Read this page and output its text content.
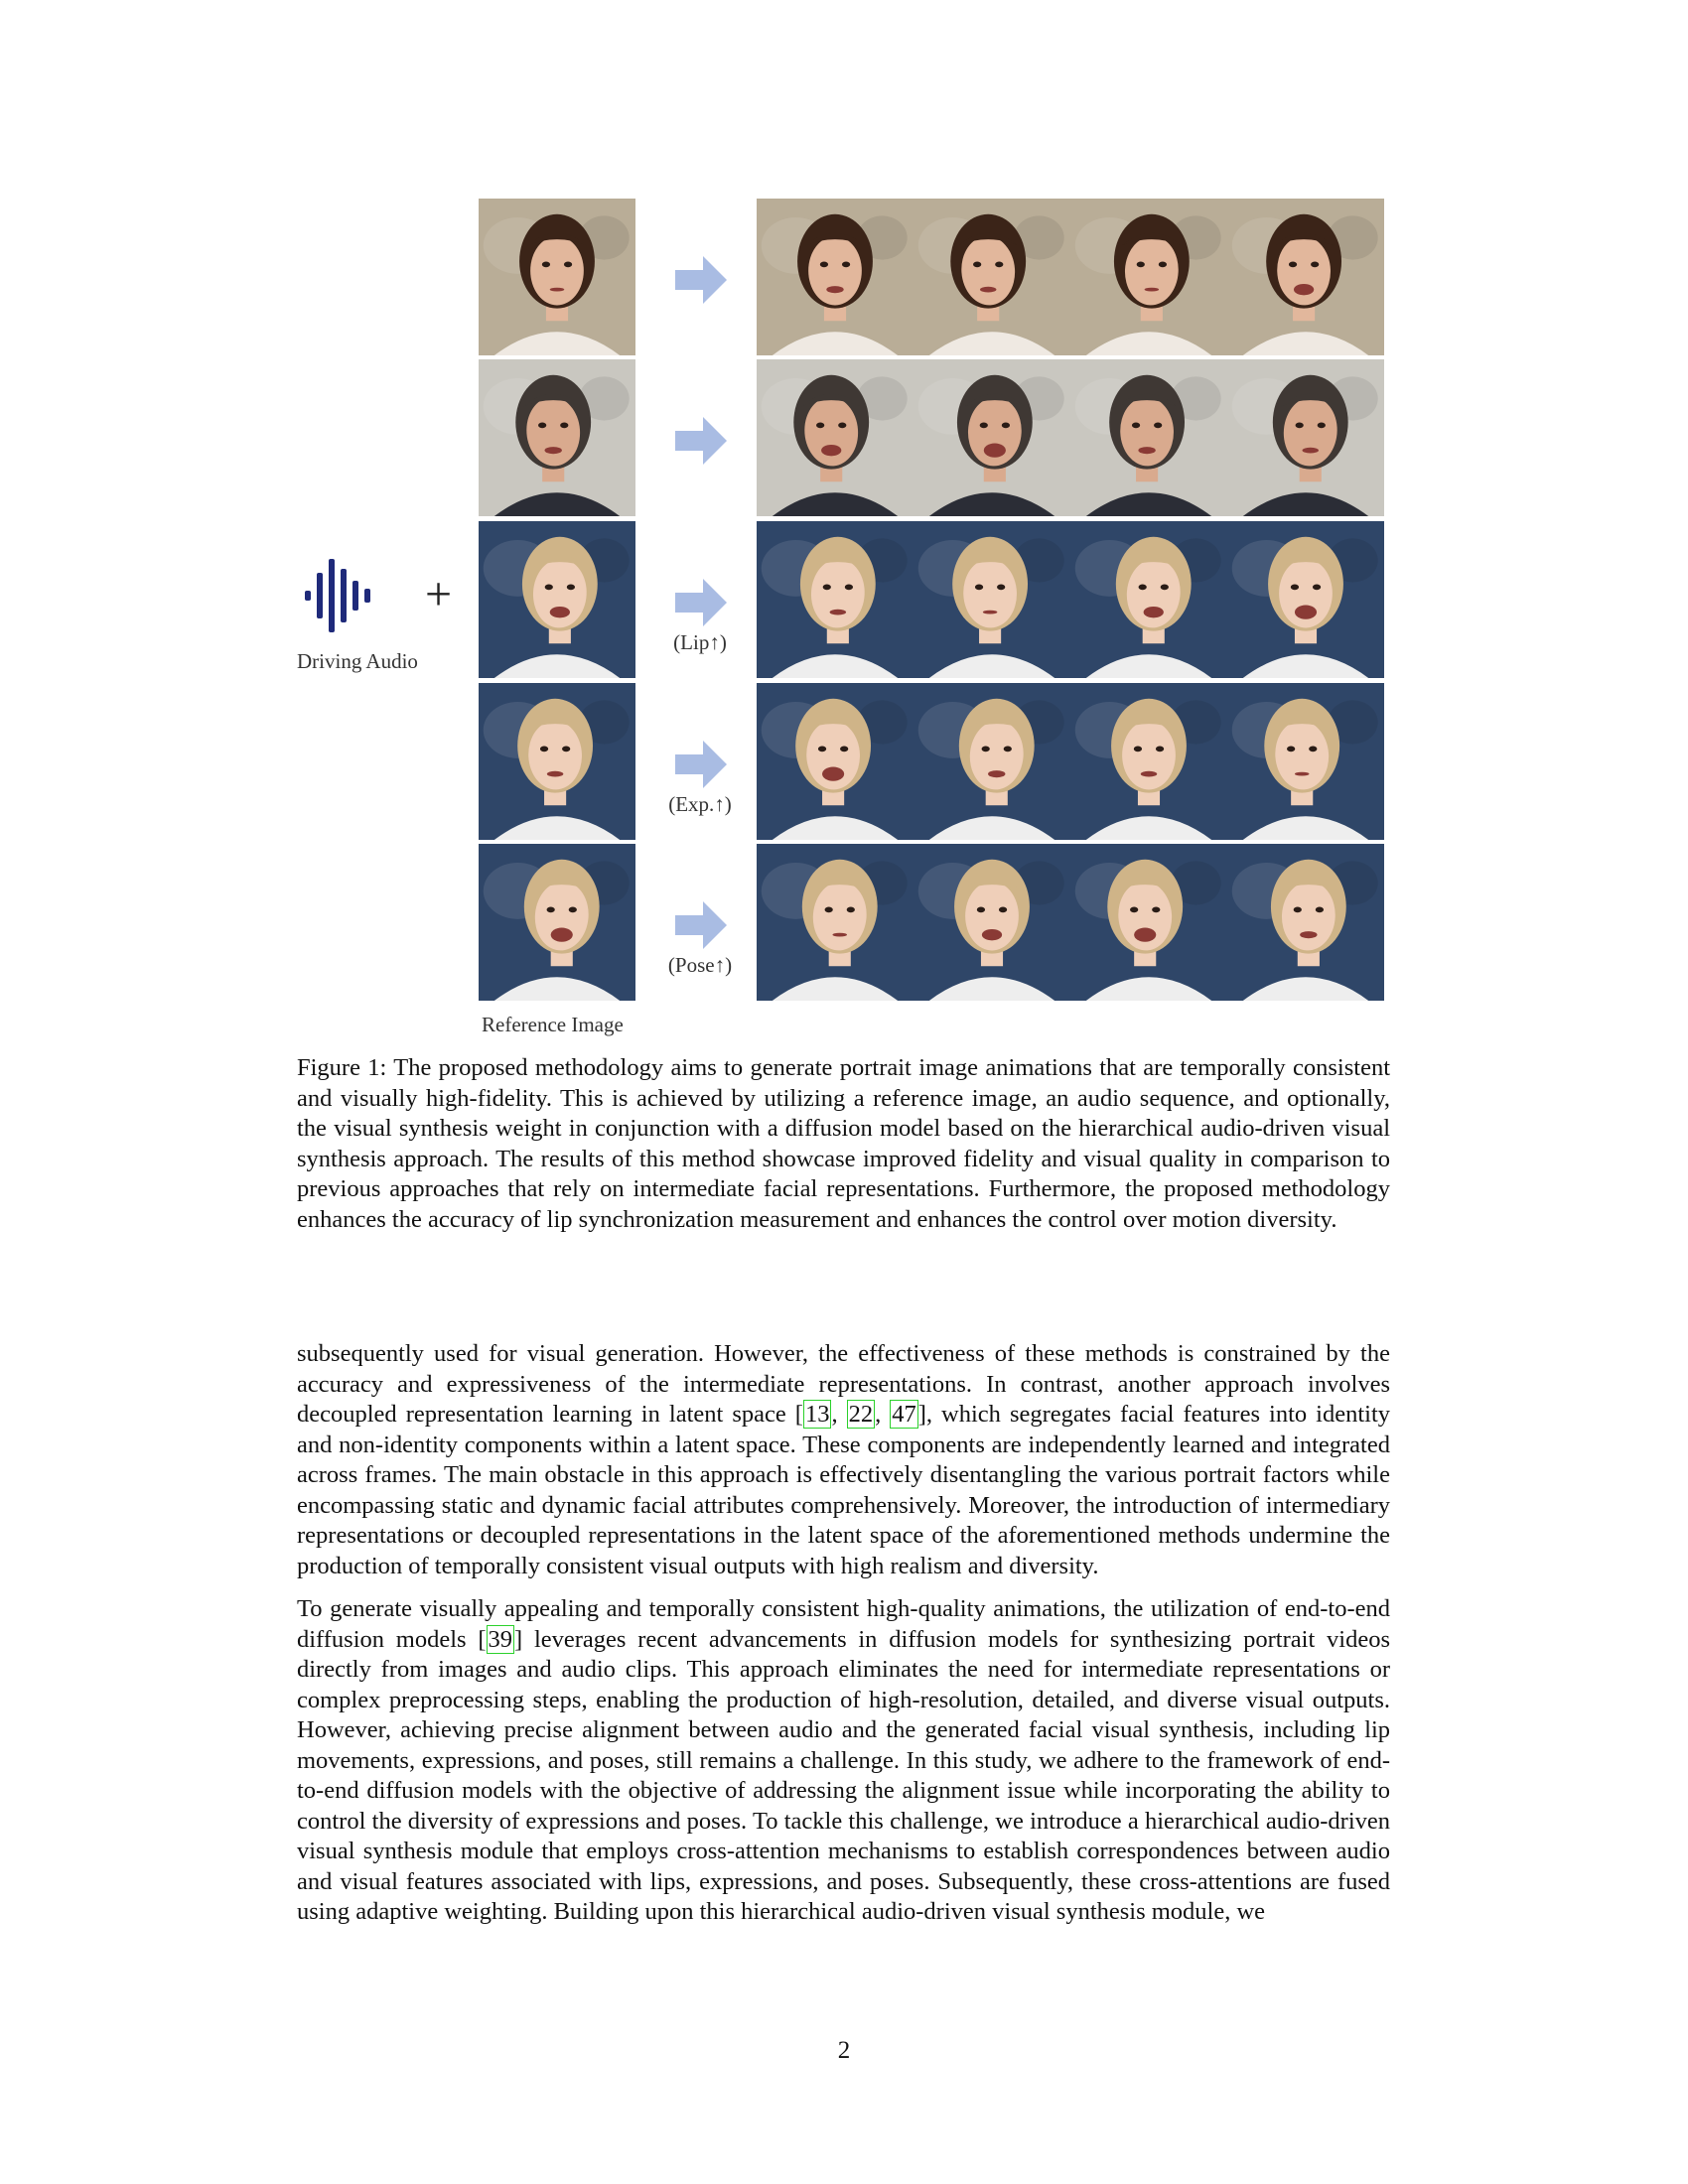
+
Driving Audio
Reference Image
(Lip↑)
(Exp.↑)
(Pose↑)

Figure 1: The proposed methodology aims to generate portrait image animations that are temporally consistent and visually high-fidelity. This is achieved by utilizing a reference image, an audio sequence, and optionally, the visual synthesis weight in conjunction with a diffusion model based on the hierarchical audio-driven visual synthesis approach. The results of this method showcase improved fidelity and visual quality in comparison to previous approaches that rely on intermediate facial representations. Furthermore, the proposed methodology enhances the accuracy of lip synchronization measurement and enhances the control over motion diversity.

subsequently used for visual generation. However, the effectiveness of these methods is constrained by the accuracy and expressiveness of the intermediate representations. In contrast, another approach involves decoupled representation learning in latent space [13, 22, 47], which segregates facial features into identity and non-identity components within a latent space. These components are independently learned and integrated across frames. The main obstacle in this approach is effectively disentangling the various portrait factors while encompassing static and dynamic facial attributes comprehensively. Moreover, the introduction of intermediary representations or decoupled representations in the latent space of the aforementioned methods undermine the production of temporally consistent visual outputs with high realism and diversity.

To generate visually appealing and temporally consistent high-quality animations, the utilization of end-to-end diffusion models [39] leverages recent advancements in diffusion models for synthesizing portrait videos directly from images and audio clips. This approach eliminates the need for intermediate representations or complex preprocessing steps, enabling the production of high-resolution, detailed, and diverse visual outputs. However, achieving precise alignment between audio and the generated facial visual synthesis, including lip movements, expressions, and poses, still remains a challenge. In this study, we adhere to the framework of end-to-end diffusion models with the objective of addressing the alignment issue while incorporating the ability to control the diversity of expressions and poses. To tackle this challenge, we introduce a hierarchical audio-driven visual synthesis module that employs cross-attention mechanisms to establish correspondences between audio and visual features associated with lips, expressions, and poses. Subsequently, these cross-attentions are fused using adaptive weighting. Building upon this hierarchical audio-driven visual synthesis module, we

2
